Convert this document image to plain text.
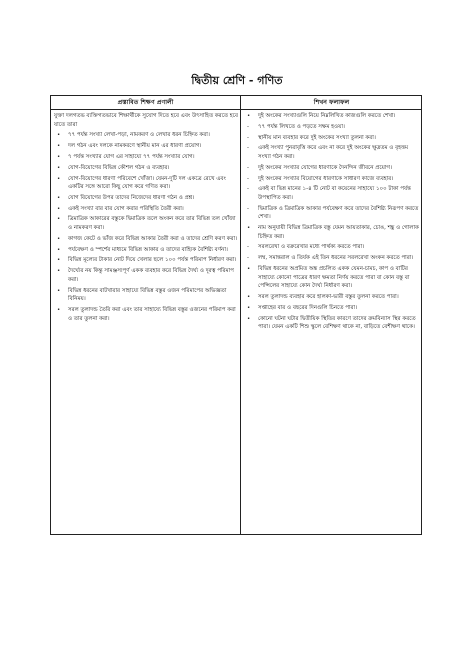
দ্বিতীয় শ্রেণি - গণিত
প্রস্তাবিত শিক্ষণ প্রণালী	শিখন ফলাফল
যুক্তা দলগতভ ব্যক্তিগতভাবে শিক্ষার্থীকে সুযোগ দিতে হবে এবং উৎসাহিত করতে হবে যাতে তারা
• ৭৭ পর্যন্ত সংখ্যা লেখা-পড়া, নামকরণ ও লেখার ধরন চিহ্নিত করা।
• দল গঠন এবং দলকে নামকরণে স্থানীয় মান এর ধারণা প্রয়োগ।
• ৭ পর্যন্ত সংখ্যার যোগ এর সাহায্যে ৭৭ পর্যন্ত সংখ্যার যোগ।
• যোগ-বিয়োগের বিভিন্ন কৌশল গঠন ও ব্যবহার।
• যোগ-বিয়োগের ধারণা পরিবেশে খোঁজা। যেমন-দুটি দল একত্রে রেখে এবং একটির সঙ্গে আরো কিছু যোগ করে গণিত করা।
• যোগ বিয়োগের উপর তাদের নিজেদের ধারণা গঠন ও প্রশ্ন।
• একই সংখ্যা বার বার যোগ করার পরিস্থিতি তৈরী করা।
• ত্রিমাত্রিক আকারের বস্তুকে দ্বিমাত্রিক তলে অংকন করে তার বিভিন্ন তল খোঁজা ও নামকরণ করা।
• কাগজ কেটে ও ভাঁজ করে বিভিন্ন আকার তৈরী করা ও তাদের শ্রেণি করণ করা।
• পর্যবেক্ষণ ও স্পর্শের মাধ্যমে বিভিন্ন আকার ও তাদের বাহ্যিক বৈশিষ্ট্য বর্ণনা।
• বিভিন্ন মূল্যের টাকার নোট দিয়ে খেলার ছলে ১০০ পর্যন্ত পরিমাপ নির্ধারণ করা।
• দৈর্ঘ্যের নয় কিন্তু সামঞ্জস্যপূর্ণ একক ব্যবহার করে বিভিন্ন দৈর্ঘ্য ও দূরত্ব পরিমাপ করা।
• বিভিন্ন ধরনের বাটখারার সাহায্যে বিভিন্ন বস্তুর ওজন পরিমাপের অভিজ্ঞতা বিনিময়।
• সরল তুলাদন্ড তৈরি করা এবং তার সাহায্যে বিভিন্ন বস্তুর ওজনের পরিমাপ করা ও তার তুলনা করা।
• দুই অংকের সংখ্যাগুলি নিয়ে নিম্নলিখিত কাজগুলি করতে শেখা।
- ৭৭ পর্যন্ত লিখতে ও পড়তে সক্ষম হওয়া।
- স্থানীয় মান ব্যবহার করে দুই অংকের সংখ্যা তুলনা করা।
- একই সংখ্যা পুনরাবৃত্তি করে এবং না করে দুই অংকের ক্ষুদ্রতম ও বৃহত্তম সংখ্যা গঠন করা।
- দুই অংকের সংখ্যার যোগের ধারণাকে দৈনন্দিন জীবনে প্রয়োগ।
- দুই অংকের সংখ্যার বিয়োগের ধারণাকে সাধারণ কাজে ব্যবহার।
- একই বা ভিন্ন মানের ১-৪ টি নোট বা কয়েনের সাহায্যে ১০০ টাকা পর্যন্ত উপস্থাপিত করা।
- দ্বিমাত্রিক ও ত্রিমাত্রিক আকার পর্যবেক্ষণ করে তাদের বৈশিষ্ট্য নিরূপণ করতে শেখা।
• নাম অনুযায়ী বিভিন্ন ত্রিমাত্রিক বস্তু যেমন আয়তাকার, চোঙ, শঙ্কু ও গোলাক চিহ্নিত করা।
- সরলরেখা ও বক্ররেখার মধ্যে পার্থক্য করতে পারা।
- লম্ব, সমান্তরাল ও তির্যক এই তিন ধরনের সরলরেখা অংকন করতে পারা।
• বিভিন্ন ধরনের অপ্রমিত অঙ্ক প্রচলিত একক যেমন-চামচ, কাপ ও বাটির সাহায্যে কোনো পাত্রের ধারণ ক্ষমতা নির্ণয় করতে পারা বা কোন বস্তু বা পেন্সিলের সাহায্যে কোন দৈর্ঘ্য নির্ধারণ করা।
• সরল তুলাদন্ড ব্যবহার করে হালকা-ভারী বস্তুর তুলনা করতে পারা।
• সপ্তাহের বার ও বছরের দিনগুলি চিনতে পারা।
• কোনো ঘটনা ঘটার দ্বিতীয়িক স্থিতির কারণে তাদের ক্রমবিন্যাস স্থির করতে পারা। যেমন একটি শিশু স্কুলে বেশিক্ষণ থাকে না, বাড়িতে বেশীক্ষণ থাকে।
